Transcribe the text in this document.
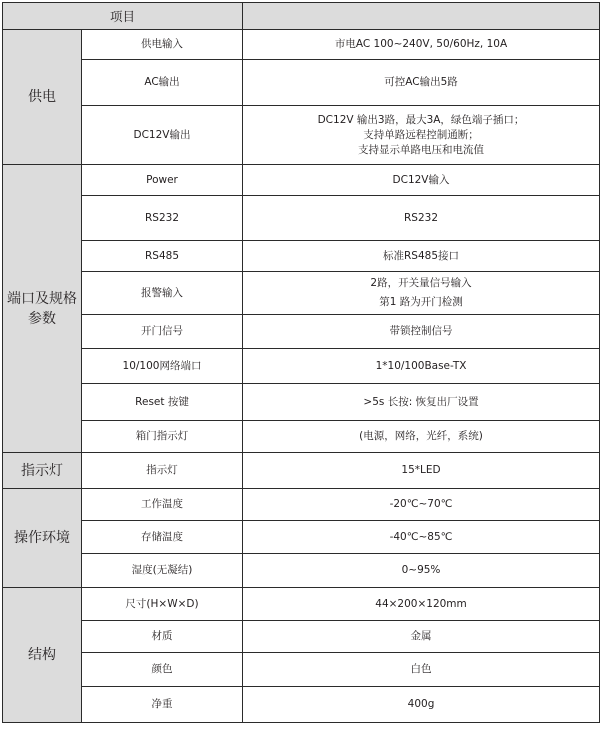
项目		
供电	供电输入	市电AC 100~240V, 50/60Hz, 10A

	AC输出	可控AC输出5路

	DC12V输出	DC12V 输出3路，最大3A，绿色端子插口；
支持单路远程控制通断；
支持显示单路电压和电流值

端口及规格参数	Power	DC12V输入

	RS232	RS232

	RS485	标准RS485接口

	报警输入	2路，开关量信号输入
第1 路为开门检测

	开门信号	带锁控制信号

	10/100网络端口	1*10/100Base-TX

	Reset 按键	>5s 长按: 恢复出厂设置

	箱门指示灯	(电源，网络，光纤，系统)

指示灯	指示灯	15*LED

操作环境	工作温度	-20℃~70℃

	存储温度	-40℃~85℃

	湿度(无凝结)	0~95%

结构	尺寸(H×W×D)	44×200×120mm

	材质	金属

	颜色	白色

	净重	400g
